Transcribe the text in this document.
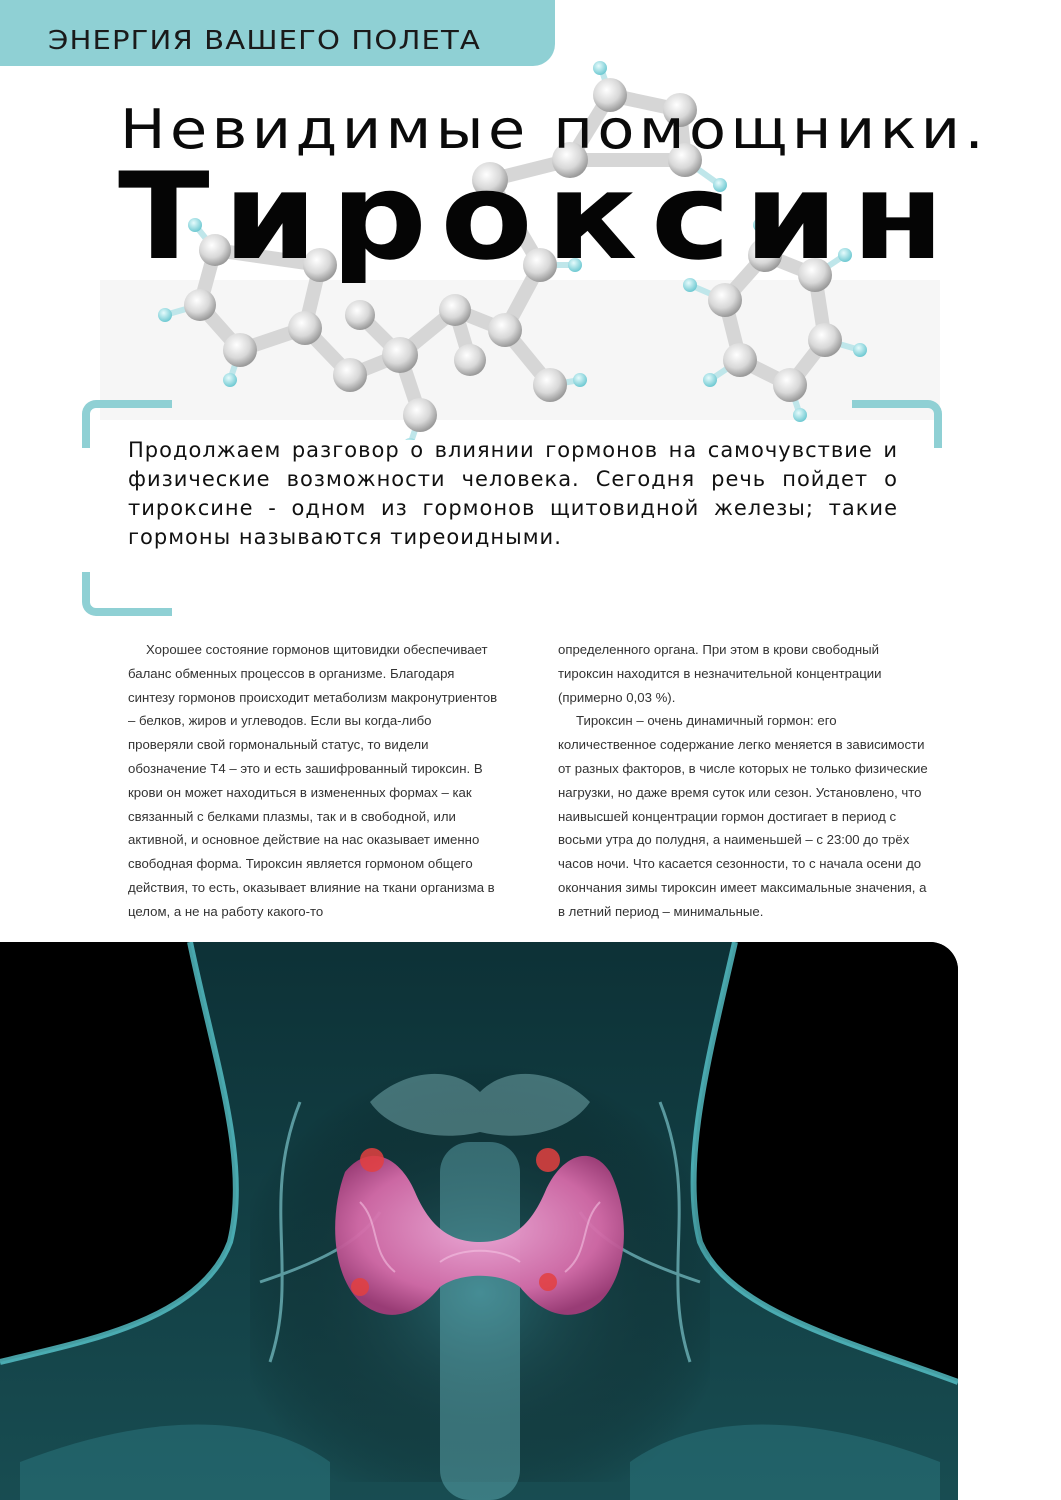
ЭНЕРГИЯ ВАШЕГО ПОЛЕТА
Невидимые помощники.
Тироксин
Продолжаем разговор о влиянии гормонов на самочувствие и физические возможности человека. Сегодня речь пойдет о тироксине - одном из гормонов щитовидной железы; такие гормоны называются тиреоидными.

Хорошее состояние гормонов щитовидки обеспечивает баланс обменных процессов в организме. Благодаря синтезу гормонов происходит метаболизм макронутриентов – белков, жиров и углеводов. Если вы когда-либо проверяли свой гормональный статус, то видели обозначение Т4 – это и есть зашифрованный тироксин. В крови он может находиться в измененных формах – как связанный с белками плазмы, так и в свободной, или активной, и основное действие на нас оказывает именно свободная форма. Тироксин является гормоном общего действия, то есть, оказывает влияние на ткани организма в целом, а не на работу какого-то

определенного органа. При этом в крови свободный тироксин находится в незначительной концентрации (примерно 0,03 %).

Тироксин – очень динамичный гормон: его количественное содержание легко меняется в зависимости от разных факторов, в числе которых не только физические нагрузки, но даже время суток или сезон. Установлено, что наивысшей концентрации гормон достигает в период с восьми утра до полудня, а наименьшей – с 23:00 до трёх часов ночи. Что касается сезонности, то с начала осени до окончания зимы тироксин имеет максимальные значения, а в летний период – минимальные.
